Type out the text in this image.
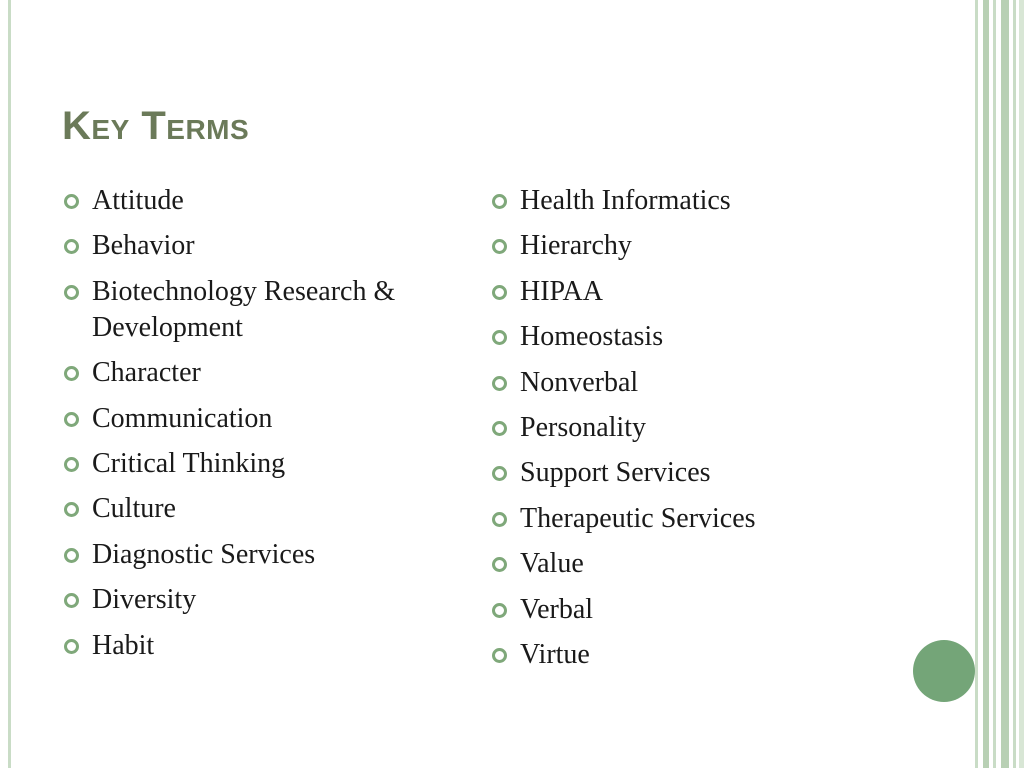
Key Terms
Attitude
Behavior
Biotechnology Research & Development
Character
Communication
Critical Thinking
Culture
Diagnostic Services
Diversity
Habit
Health Informatics
Hierarchy
HIPAA
Homeostasis
Nonverbal
Personality
Support Services
Therapeutic Services
Value
Verbal
Virtue
